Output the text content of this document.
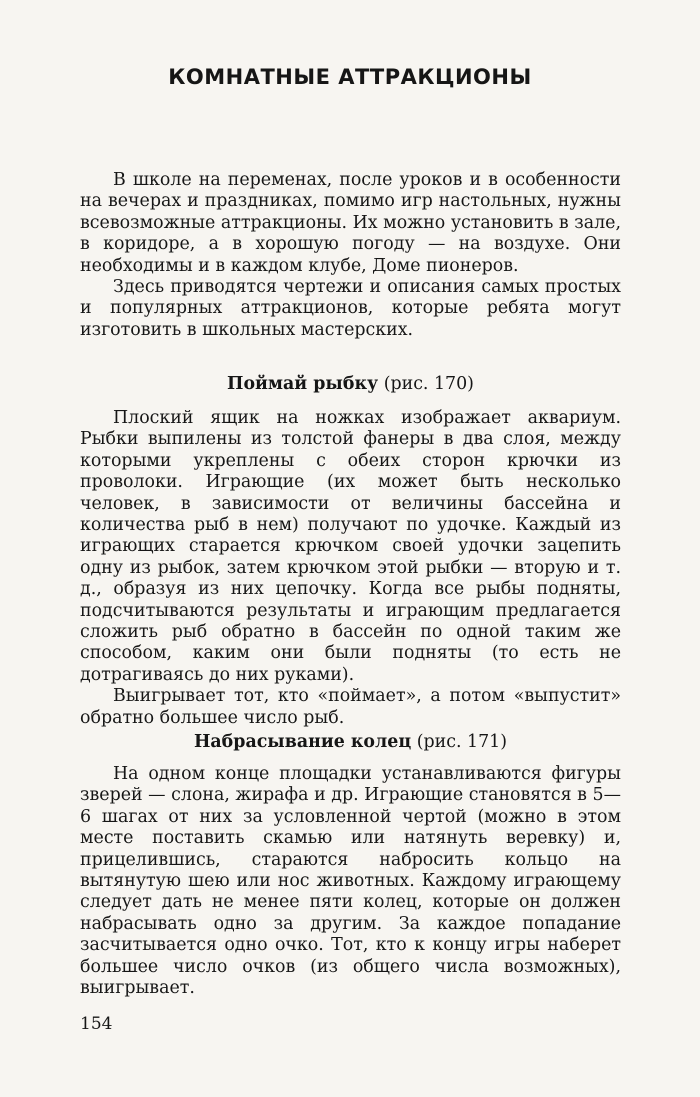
КОМНАТНЫЕ АТТРАКЦИОНЫ

В школе на переменах, после уроков и в особенности на вечерах и праздниках, помимо игр настольных, нужны всевозможные аттракционы. Их можно установить в зале, в коридоре, а в хорошую погоду — на воздухе. Они необходимы и в каждом клубе, Доме пионеров.

Здесь приводятся чертежи и описания самых простых и популярных аттракционов, которые ребята могут изготовить в школьных мастерских.

Поймай рыбку (рис. 170)

Плоский ящик на ножках изображает аквариум. Рыбки выпилены из толстой фанеры в два слоя, между которыми укреплены с обеих сторон крючки из проволоки. Играющие (их может быть несколько человек, в зависимости от величины бассейна и количества рыб в нем) получают по удочке. Каждый из играющих старается крючком своей удочки зацепить одну из рыбок, затем крючком этой рыбки — вторую и т. д., образуя из них цепочку. Когда все рыбы подняты, подсчитываются результаты и играющим предлагается сложить рыб обратно в бассейн по одной таким же способом, каким они были подняты (то есть не дотрагиваясь до них руками).

Выигрывает тот, кто «поймает», а потом «выпустит» обратно большее число рыб.

Набрасывание колец (рис. 171)

На одном конце площадки устанавливаются фигуры зверей — слона, жирафа и др. Играющие становятся в 5—6 шагах от них за условленной чертой (можно в этом месте поставить скамью или натянуть веревку) и, прицелившись, стараются набросить кольцо на вытянутую шею или нос животных. Каждому играющему следует дать не менее пяти колец, которые он должен набрасывать одно за другим. За каждое попадание засчитывается одно очко. Тот, кто к концу игры наберет большее число очков (из общего числа возможных), выигрывает.

154
